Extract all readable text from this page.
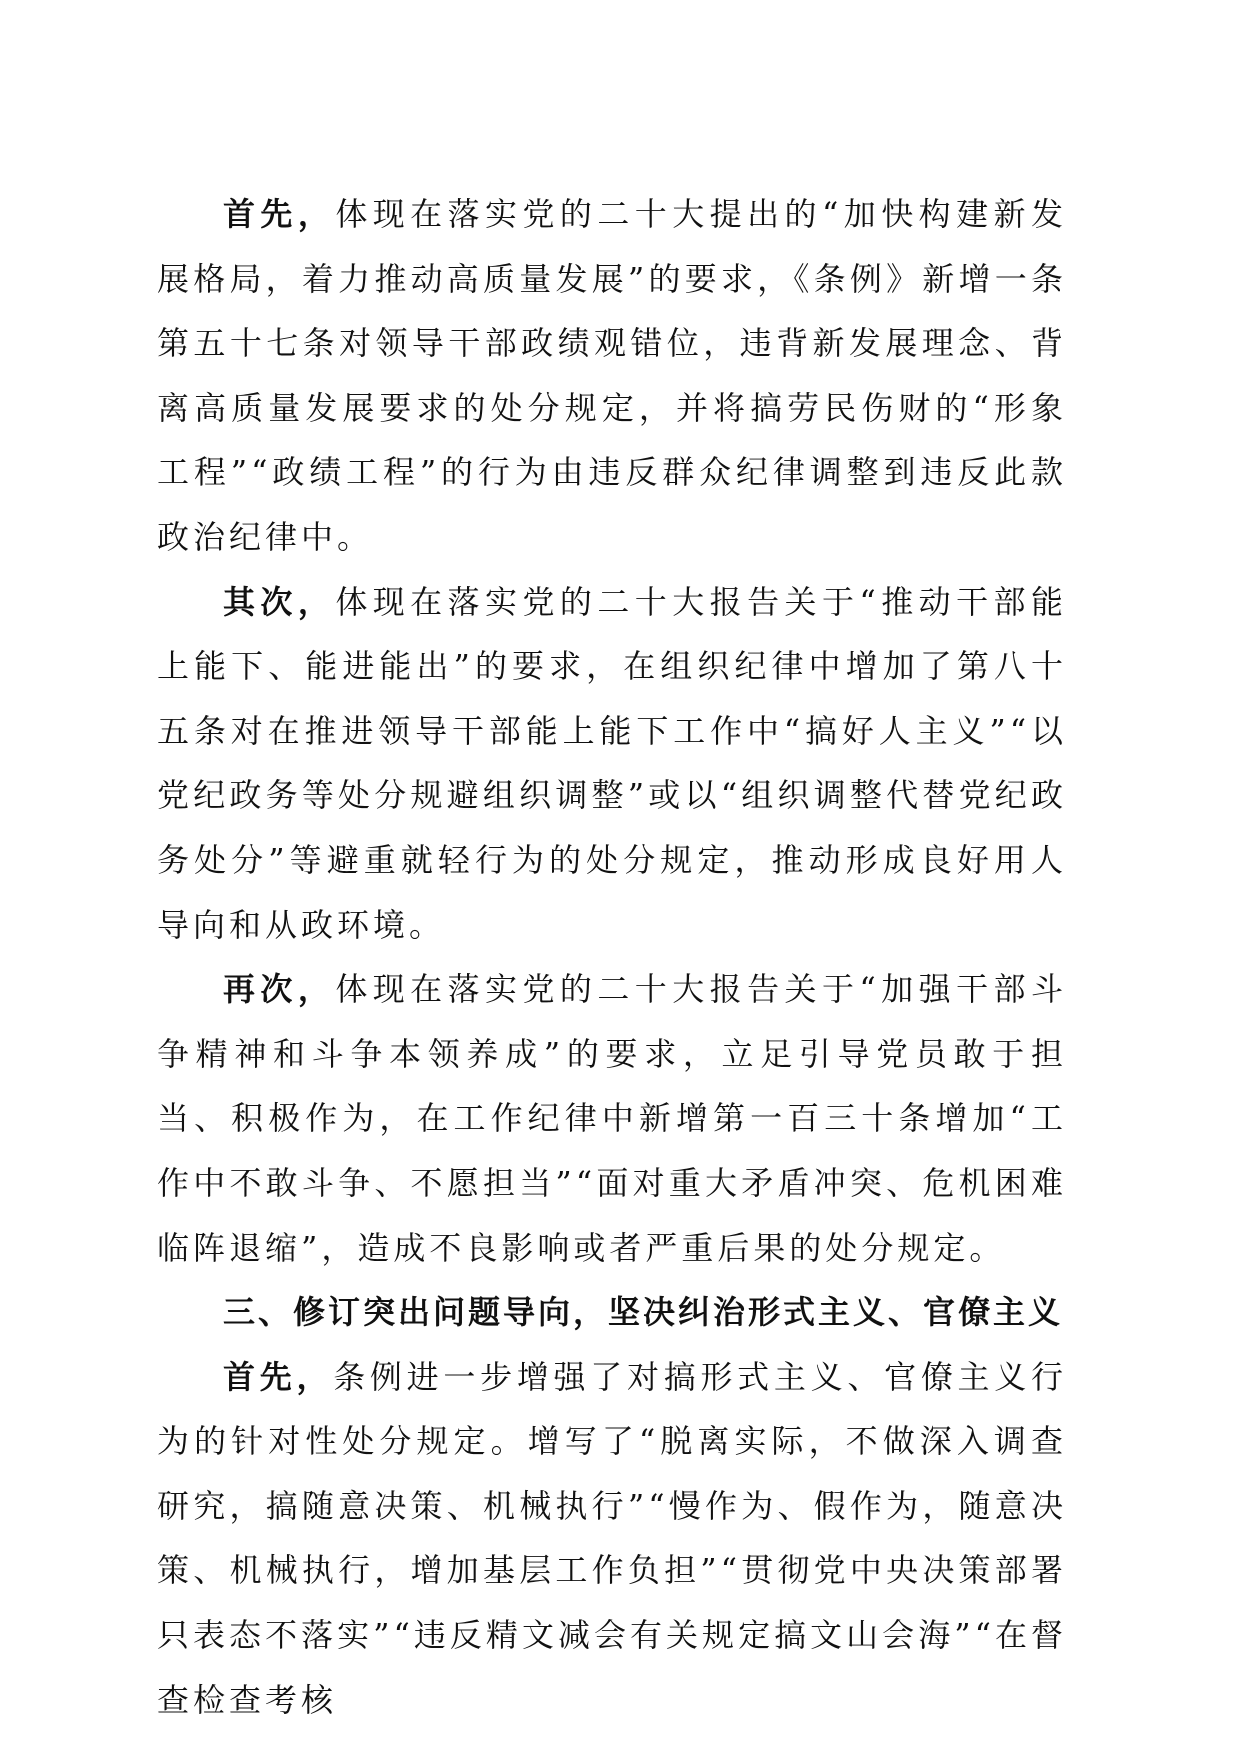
首先，体现在落实党的二十大提出的“加快构建新发展格局，着力推动高质量发展”的要求，《条例》新增一条第五十七条对领导干部政绩观错位，违背新发展理念、背离高质量发展要求的处分规定，并将搞劳民伤财的“形象工程”“政绩工程”的行为由违反群众纪律调整到违反此款政治纪律中。

其次，体现在落实党的二十大报告关于“推动干部能上能下、能进能出”的要求，在组织纪律中增加了第八十五条对在推进领导干部能上能下工作中“搞好人主义”“以党纪政务等处分规避组织调整”或以“组织调整代替党纪政务处分”等避重就轻行为的处分规定，推动形成良好用人导向和从政环境。

再次，体现在落实党的二十大报告关于“加强干部斗争精神和斗争本领养成”的要求，立足引导党员敢于担当、积极作为，在工作纪律中新增第一百三十条增加“工作中不敢斗争、不愿担当”“面对重大矛盾冲突、危机困难临阵退缩”，造成不良影响或者严重后果的处分规定。

三、修订突出问题导向，坚决纠治形式主义、官僚主义

首先，条例进一步增强了对搞形式主义、官僚主义行为的针对性处分规定。增写了“脱离实际，不做深入调查研究，搞随意决策、机械执行”“慢作为、假作为，随意决策、机械执行，增加基层工作负担”“贯彻党中央决策部署只表态不落实”“违反精文减会有关规定搞文山会海”“在督查检查考核
